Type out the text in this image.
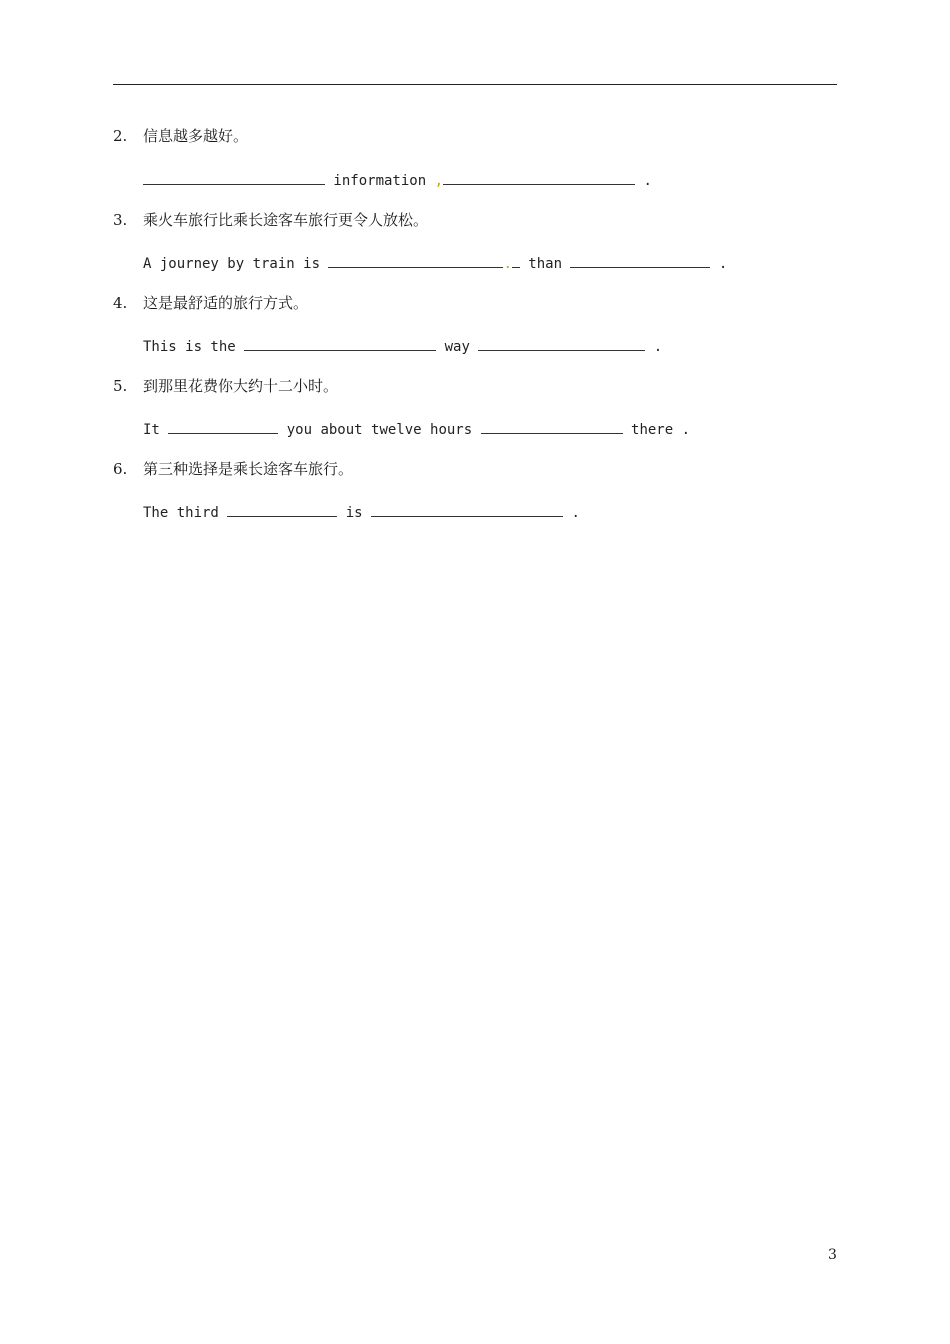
2. 信息越多越好。
information ,	.
3. 乘火车旅行比乘长途客车旅行更令人放松。
A journey by train is	. than	.
4. 这是最舒适的旅行方式。
This is the	way	.
5. 到那里花费你大约十二小时。
It	you about twelve hours	there .
6. 第三种选择是乘长途客车旅行。
The third	is	.
3
